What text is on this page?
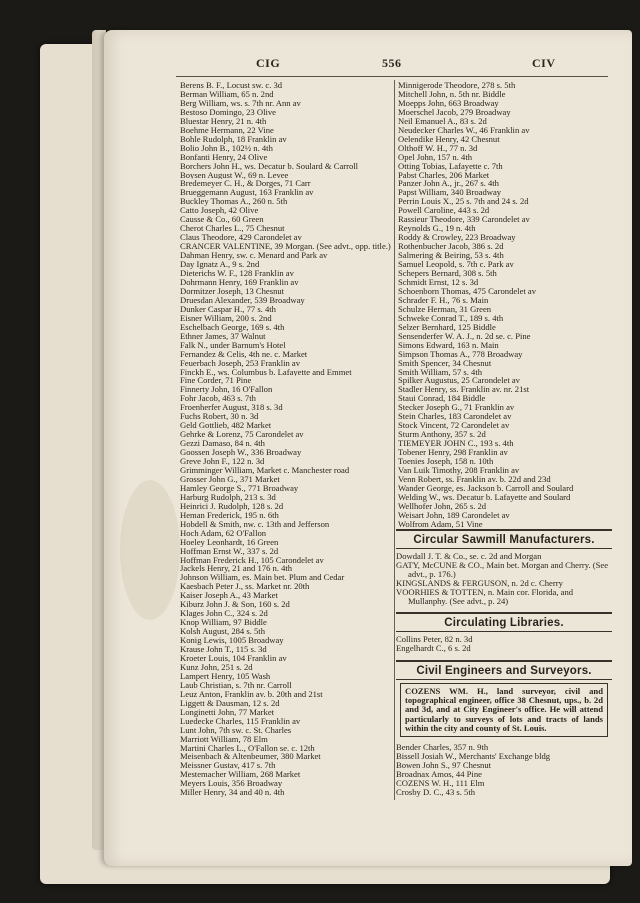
CIG	556	CIV
Berens B. F., Locust sw. c. 3d
Berman William, 65 n. 2nd
Berg William, ws. s. 7th nr. Ann av
Bestoso Domingo, 23 Olive
Bluestar Henry, 21 n. 4th
Boehme Hermann, 22 Vine
Bohle Rudolph, 18 Franklin av
Bolio John B., 102½ n. 4th
Bonfanti Henry, 24 Olive
Borchers John H., ws. Decatur b. Soulard & Carroll
Boysen August W., 69 n. Levee
Bredemeyer C. H., & Dorges, 71 Carr
Brueggemann August, 163 Franklin av
Buckley Thomas A., 260 n. 5th
Catto Joseph, 42 Olive
Causse & Co., 60 Green
Cherot Charles L., 75 Chesnut
Claus Theodore, 429 Carondelet av
CRANCER VALENTINE, 39 Morgan. (See advt., opp. title.)
Dahman Henry, sw. c. Menard and Park av
Day Ignatz A., 9 s. 2nd
Dieterichs W. F., 128 Franklin av
Dohrmann Henry, 169 Franklin av
Dormitzer Joseph, 13 Chesnut
Druesdan Alexander, 539 Broadway
Dunker Caspar H., 77 s. 4th
Eisner William, 200 s. 2nd
Eschelbach George, 169 s. 4th
Ethner James, 37 Walnut
Falk N., under Barnum's Hotel
Fernandez & Celis, 4th ne. c. Market
Feuerbach Joseph, 253 Franklin av
Finckh E., ws. Columbus b. Lafayette and Emmet
Fine Corder, 71 Pine
Finnerty John, 16 O'Fallon
Fohr Jacob, 463 s. 7th
Froenherfer August, 318 s. 3d
Fuchs Robert, 30 n. 3d
Geld Gottlieb, 482 Market
Gehrke & Lorenz, 75 Carondelet av
Gezzi Damaso, 84 n. 4th
Goossen Joseph W., 336 Broadway
Greve John F., 122 n. 3d
Grimminger William, Market c. Manchester road
Grosser John G., 371 Market
Hamley George S., 771 Broadway
Harburg Rudolph, 213 s. 3d
Heinrici J. Rudolph, 128 s. 2d
Heman Frederick, 195 n. 6th
Hobdell & Smith, nw. c. 13th and Jefferson
Hoch Adam, 62 O'Fallon
Hoeley Leonhardt, 16 Green
Hoffman Ernst W., 337 s. 2d
Hoffman Frederick H., 105 Carondelet av
Jackels Henry, 21 and 176 n. 4th
Johnson William, es. Main bet. Plum and Cedar
Kaesbach Peter J., ss. Market nr. 20th
Kaiser Joseph A., 43 Market
Kiburz John J. & Son, 160 s. 2d
Klages John C., 324 s. 2d
Knop William, 97 Biddle
Kolsh August, 284 s. 5th
Konig Lewis, 1005 Broadway
Krause John T., 115 s. 3d
Kroeter Louis, 104 Franklin av
Kunz John, 251 s. 2d
Lampert Henry, 105 Wash
Laub Christian, s. 7th nr. Carroll
Leuz Anton, Franklin av. b. 20th and 21st
Liggett & Dausman, 12 s. 2d
Longinetti John, 77 Market
Luedecke Charles, 115 Franklin av
Lunt John, 7th sw. c. St. Charles
Marriott William, 78 Elm
Martini Charles L., O'Fallon se. c. 12th
Meisenbach & Altenbeumer, 380 Market
Meissner Gustav, 417 s. 7th
Mestemacher William, 268 Market
Meyers Louis, 356 Broadway
Miller Henry, 34 and 40 n. 4th
Minnigerode Theodore, 278 s. 5th
Mitchell John, n. 5th nr. Biddle
Moepps John, 663 Broadway
Moerschel Jacob, 279 Broadway
Neil Emanuel A., 83 s. 2d
Neudecker Charles W., 46 Franklin av
Oelendike Henry, 42 Chesnut
Olthoff W. H., 77 n. 3d
Opel John, 157 n. 4th
Otting Tobias, Lafayette c. 7th
Pabst Charles, 206 Market
Panzer John A., jr., 267 s. 4th
Papst William, 340 Broadway
Perrin Louis X., 25 s. 7th and 24 s. 2d
Powell Caroline, 443 s. 2d
Rassieur Theodore, 339 Carondelet av
Reynolds G., 19 n. 4th
Roddy & Crowley, 223 Broadway
Rothenbucher Jacob, 386 s. 2d
Salmering & Beiring, 53 s. 4th
Samuel Leopold, s. 7th c. Park av
Schepers Bernard, 308 s. 5th
Schmidt Ernst, 12 s. 3d
Schoenborn Thomas, 475 Carondelet av
Schrader F. H., 76 s. Main
Schulze Herman, 31 Green
Schweke Conrad T., 189 s. 4th
Selzer Bernhard, 125 Biddle
Sensenderfer W. A. J., n. 2d se. c. Pine
Simons Edward, 163 n. Main
Simpson Thomas A., 778 Broadway
Smith Spencer, 34 Chesnut
Smith William, 57 s. 4th
Spilker Augustus, 25 Carondelet av
Stadler Henry, ss. Franklin av. nr. 21st
Staui Conrad, 184 Biddle
Stecker Joseph G., 71 Franklin av
Stein Charles, 183 Carondelet av
Stock Vincent, 72 Carondelet av
Sturm Anthony, 357 s. 2d
TIEMEYER JOHN C., 193 s. 4th
Tobener Henry, 298 Franklin av
Toenies Joseph, 158 n. 10th
Van Luik Timothy, 208 Franklin av
Venn Robert, ss. Franklin av. b. 22d and 23d
Wander George, es. Jackson b. Carroll and Soulard
Welding W., ws. Decatur b. Lafayette and Soulard
Wellhofer John, 265 s. 2d
Weisart John, 189 Carondelet av
Wolfrom Adam, 51 Vine
Circular Sawmill Manufacturers.
Dowdall J. T. & Co., se. c. 2d and Morgan
GATY, McCUNE & CO., Main bet. Morgan and Cherry. (See advt., p. 176.)
KINGSLANDS & FERGUSON, n. 2d c. Cherry
VOORHIES & TOTTEN, n. Main cor. Florida, and Mullanphy. (See advt., p. 24)
Circulating Libraries.
Collins Peter, 82 n. 3d
Engelhardt C., 6 s. 2d
Civil Engineers and Surveyors.
COZENS WM. H., land surveyor, civil and topographical engineer, office 38 Chesnut, ups., b. 2d and 3d, and at City Engineer's office. He will attend particularly to surveys of lots and tracts of lands within the city and county of St. Louis.
Bender Charles, 357 n. 9th
Bissell Josiah W., Merchants' Exchange bldg
Bowen John S., 97 Chesnut
Broadnax Amos, 44 Pine
COZENS W. H., 111 Elm
Crosby D. C., 43 s. 5th
